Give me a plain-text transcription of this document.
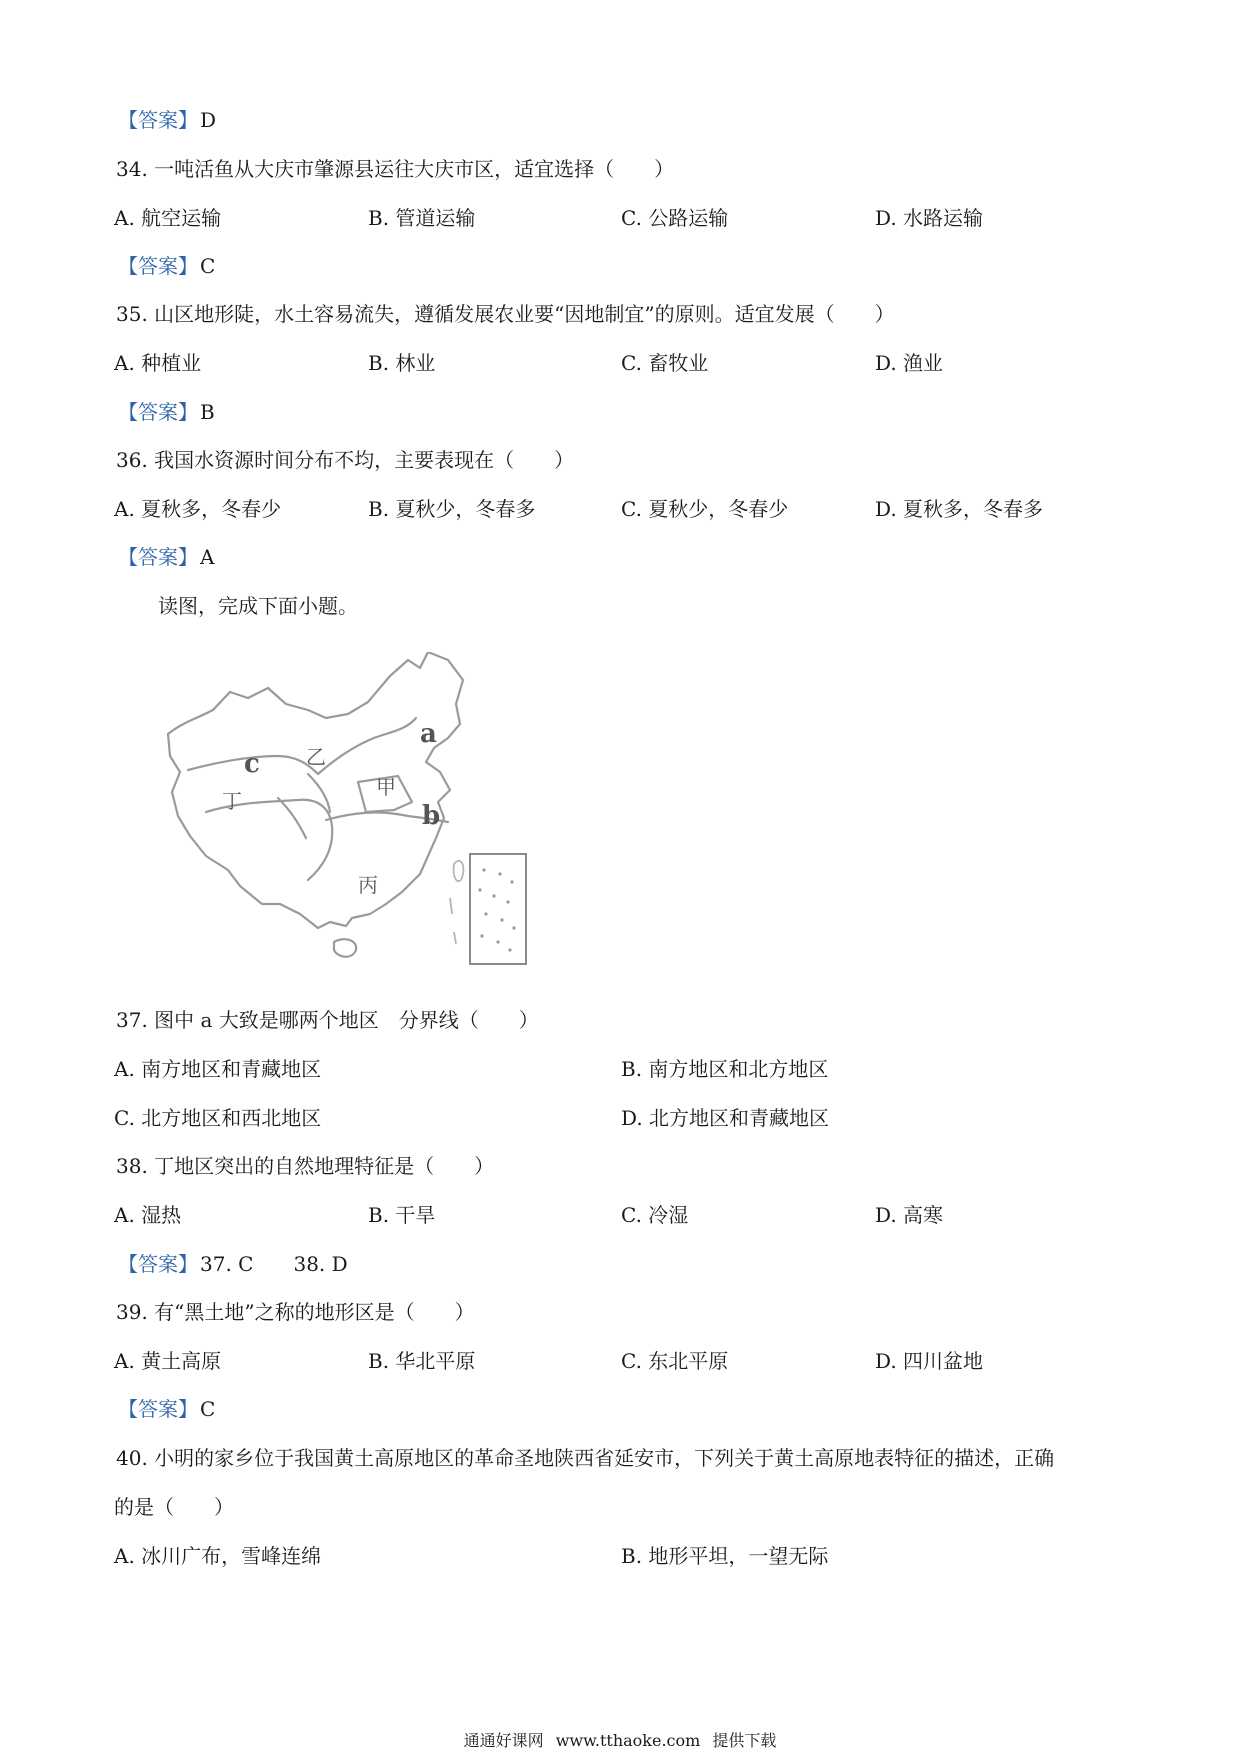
【答案】 D
34. 一吨活鱼从大庆市肇源县运往大庆市区，适宜选择（　　）
A. 航空运输	B. 管道运输	C. 公路运输	D. 水路运输
【答案】 C
35. 山区地形陡，水土容易流失，遵循发展农业要“因地制宜”的原则。适宜发展（　　）
A. 种植业	B. 林业	C. 畜牧业	D. 渔业
【答案】 B
36. 我国水资源时间分布不均，主要表现在（　　）
A. 夏秋多，冬春少	B. 夏秋少，冬春多	C. 夏秋少，冬春少	D. 夏秋多，冬春多
【答案】 A
读图，完成下面小题。
a
b
c
甲
乙
丙
丁
37. 图中 a 大致是哪两个地区　分界线（　　）
A. 南方地区和青藏地区	B. 南方地区和北方地区
C. 北方地区和西北地区	D. 北方地区和青藏地区
38. 丁地区突出的自然地理特征是（　　）
A. 湿热	B. 干旱	C. 冷湿	D. 高寒
【答案】 37. C 38. D
39. 有“黑土地”之称的地形区是（　　）
A. 黄土高原	B. 华北平原	C. 东北平原	D. 四川盆地
【答案】 C
40. 小明的家乡位于我国黄土高原地区的革命圣地陕西省延安市，下列关于黄土高原地表特征的描述，正确
的是（　　）
A. 冰川广布，雪峰连绵	B. 地形平坦，一望无际
通通好课网 www.tthaoke.com 提供下载
